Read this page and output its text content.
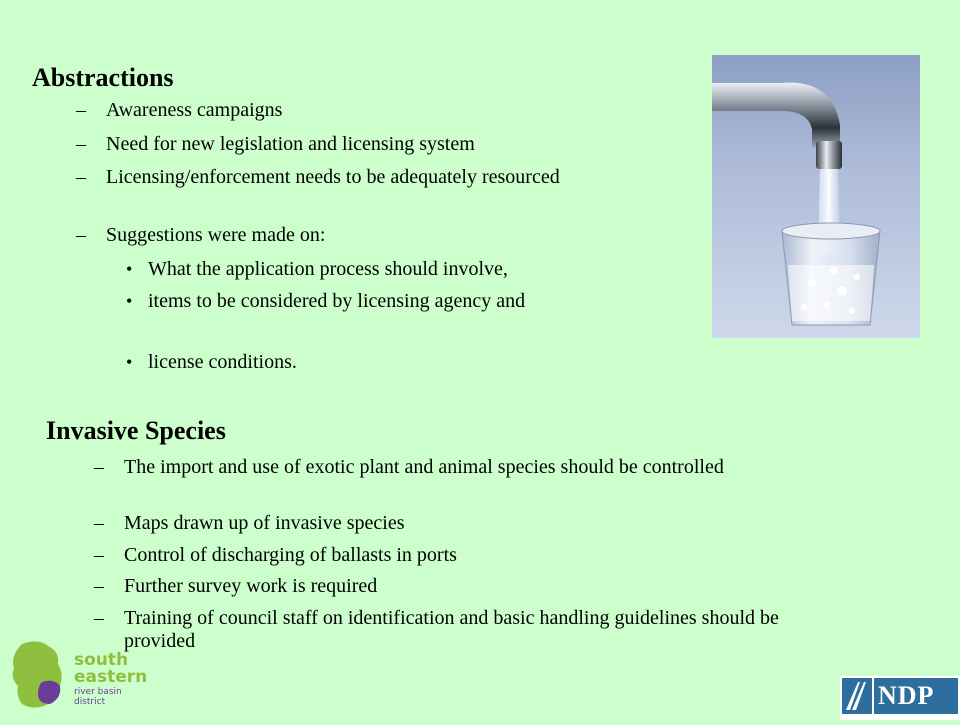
Abstractions
– Awareness campaigns
– Need for new legislation and licensing system
– Licensing/enforcement needs to be adequately resourced
– Suggestions were made on:
• What the application process should involve,
• items to be considered by licensing agency and
• license conditions.
Invasive Species
– The import and use of exotic plant and animal species should be controlled
– Maps drawn up of invasive species
– Control of discharging of ballasts in ports
– Further survey work is required
– Training of council staff on identification and basic handling guidelines should be provided
south
eastern
river basin district	NDP
